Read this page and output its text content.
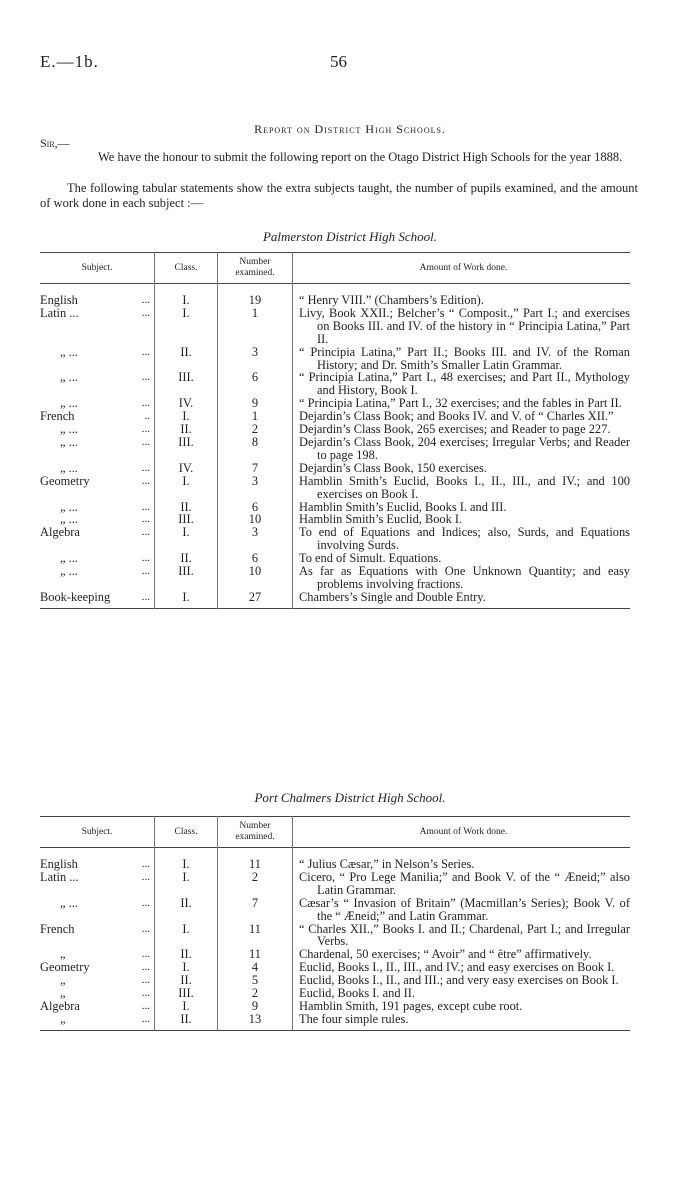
E.—1b.	56
Report on District High Schools.
Sir,—
We have the honour to submit the following report on the Otago District High Schools for the year 1888.
The following tabular statements show the extra subjects taught, the number of pupils examined, and the amount of work done in each subject :—
Palmerston District High School.
Subject.	Class.	Number examined.	Amount of Work done.
English ...	I.	19	“ Henry VIII.” (Chambers’s Edition).

Latin ... ...	I.	1	Livy, Book XXII.; Belcher’s “ Composit.,” Part I.; and exercises on Books III. and IV. of the history in “ Principia Latina,” Part II.

„ ... ...	II.	3	“ Principia Latina,” Part II.; Books III. and IV. of the Roman History; and Dr. Smith’s Smaller Latin Grammar.

„ ... ...	III.	6	“ Principia Latina,” Part I., 48 exercises; and Part II., Mythology and History, Book I.

„ ... ...	IV.	9	“ Principia Latina,” Part I., 32 exercises; and the fables in Part II.

French ..	I.	1	Dejardin’s Class Book; and Books IV. and V. of “ Charles XII.”

„ ... ...	II.	2	Dejardin’s Class Book, 265 exercises; and Reader to page 227.

„ ... ...	III.	8	Dejardin’s Class Book, 204 exercises; Irregular Verbs; and Reader to page 198.

„ ... ...	IV.	7	Dejardin’s Class Book, 150 exercises.

Geometry ...	I.	3	Hamblin Smith’s Euclid, Books I., II., III., and IV.; and 100 exercises on Book I.

„ ... ...	II.	6	Hamblin Smith’s Euclid, Books I. and III.

„ ... ...	III.	10	Hamblin Smith’s Euclid, Book I.

Algebra ...	I.	3	To end of Equations and Indices; also, Surds, and Equations involving Surds.

„ ... ...	II.	6	To end of Simult. Equations.

„ ... ...	III.	10	As far as Equations with One Unknown Quantity; and easy problems involving fractions.

Book-keeping ...	I.	27	Chambers’s Single and Double Entry.
Port Chalmers District High School.
Subject.	Class.	Number examined.	Amount of Work done.
English ...	I.	11	“ Julius Cæsar,” in Nelson’s Series.

Latin ... ...	I.	2	Cicero, “ Pro Lege Manilia;” and Book V. of the “ Æneid;” also Latin Grammar.

„ ... ...	II.	7	Cæsar’s “ Invasion of Britain” (Macmillan’s Series); Book V. of the “ Æneid;” and Latin Grammar.

French ...	I.	11	“ Charles XII.,” Books I. and II.; Chardenal, Part I.; and Irregular Verbs.

„ ...	II.	11	Chardenal, 50 exercises; “ Avoir” and “ être” affirmatively.

Geometry ...	I.	4	Euclid, Books I., II., III., and IV.; and easy exercises on Book I.

„ ...	II.	5	Euclid, Books I., II., and III.; and very easy exercises on Book I.

„ ...	III.	2	Euclid, Books I. and II.

Algebra ...	I.	9	Hamblin Smith, 191 pages, except cube root.

„ ...	II.	13	The four simple rules.
